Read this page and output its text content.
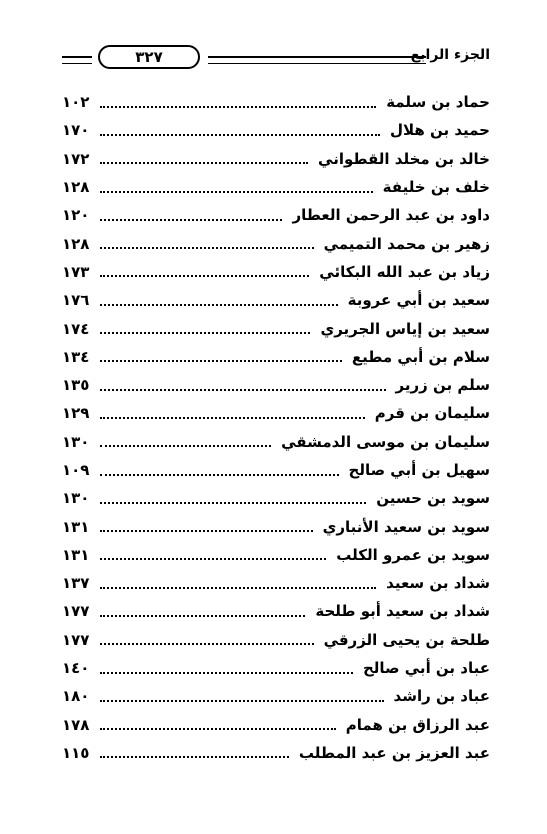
٣٢٧	الجزء الرابع
حماد بن سلمة
١٠٢
حميد بن هلال
١٧٠
خالد بن مخلد القطواني
١٧٢
خلف بن خليفة
١٢٨
داود بن عبد الرحمن العطار
١٢٠
زهير بن محمد التميمي
١٢٨
زياد بن عبد الله البكائي
١٧٣
سعيد بن أبي عروبة
١٧٦
سعيد بن إياس الجريري
١٧٤
سلام بن أبي مطيع
١٣٤
سلم بن زرير
١٣٥
سليمان بن قرم
١٢٩
سليمان بن موسى الدمشقي
١٣٠
سهيل بن أبي صالح
١٠٩
سويد بن حسين
١٣٠
سويد بن سعيد الأنباري
١٣١
سويد بن عمرو الكلب
١٣١
شداد بن سعيد
١٣٧
شداد بن سعيد أبو طلحة
١٧٧
طلحة بن يحيى الزرقي
١٧٧
عباد بن أبي صالح
١٤٠
عباد بن راشد
١٨٠
عبد الرزاق بن همام
١٧٨
عبد العزيز بن عبد المطلب
١١٥
